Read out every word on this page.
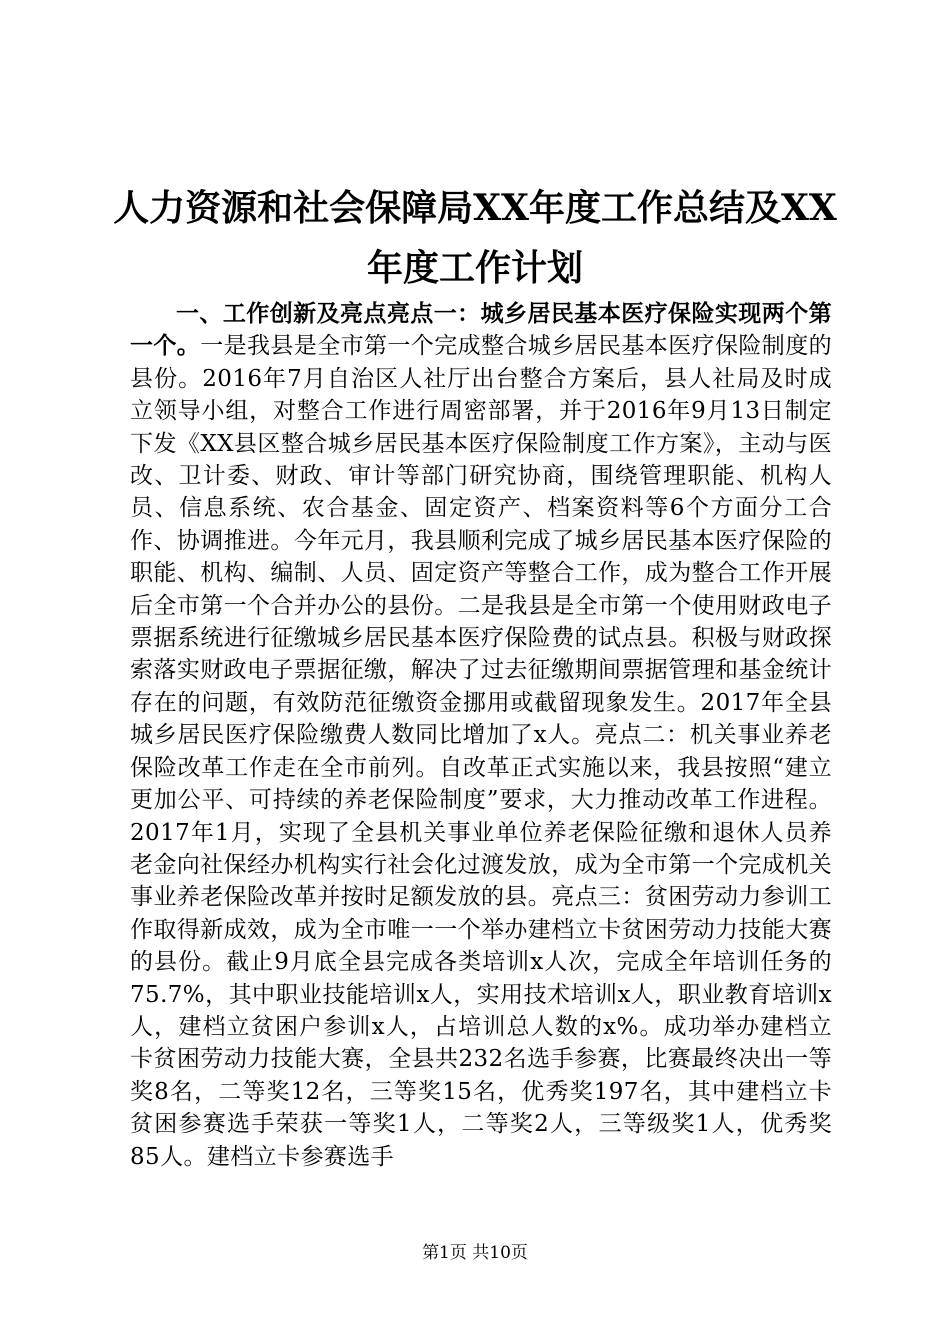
人力资源和社会保障局XX年度工作总结及XX年度工作计划

一、工作创新及亮点亮点一：城乡居民基本医疗保险实现两个第一个。一是我县是全市第一个完成整合城乡居民基本医疗保险制度的县份。2016年7月自治区人社厅出台整合方案后，县人社局及时成立领导小组，对整合工作进行周密部署，并于2016年9月13日制定下发《XX县区整合城乡居民基本医疗保险制度工作方案》，主动与医改、卫计委、财政、审计等部门研究协商，围绕管理职能、机构人员、信息系统、农合基金、固定资产、档案资料等6个方面分工合作、协调推进。今年元月，我县顺利完成了城乡居民基本医疗保险的职能、机构、编制、人员、固定资产等整合工作，成为整合工作开展后全市第一个合并办公的县份。二是我县是全市第一个使用财政电子票据系统进行征缴城乡居民基本医疗保险费的试点县。积极与财政探索落实财政电子票据征缴，解决了过去征缴期间票据管理和基金统计存在的问题，有效防范征缴资金挪用或截留现象发生。2017年全县城乡居民医疗保险缴费人数同比增加了x人。亮点二：机关事业养老保险改革工作走在全市前列。自改革正式实施以来，我县按照“建立更加公平、可持续的养老保险制度”要求，大力推动改革工作进程。2017年1月，实现了全县机关事业单位养老保险征缴和退休人员养老金向社保经办机构实行社会化过渡发放，成为全市第一个完成机关事业养老保险改革并按时足额发放的县。亮点三：贫困劳动力参训工作取得新成效，成为全市唯一一个举办建档立卡贫困劳动力技能大赛的县份。截止9月底全县完成各类培训x人次，完成全年培训任务的75.7%，其中职业技能培训x人，实用技术培训x人，职业教育培训x人，建档立贫困户参训x人，占培训总人数的x%。成功举办建档立卡贫困劳动力技能大赛，全县共232名选手参赛，比赛最终决出一等奖8名，二等奖12名，三等奖15名，优秀奖197名，其中建档立卡贫困参赛选手荣获一等奖1人，二等奖2人，三等级奖1人，优秀奖85人。建档立卡参赛选手

第1页 共10页
